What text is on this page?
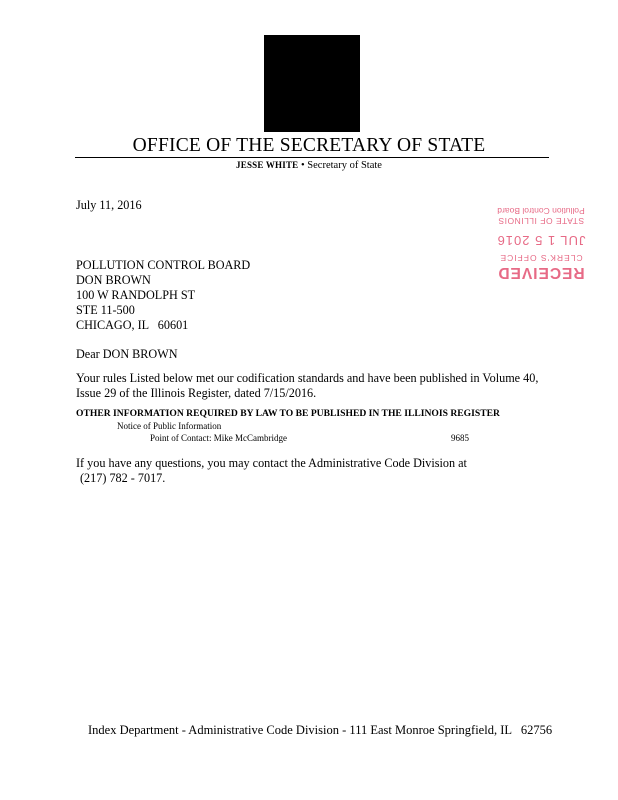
OFFICE OF THE SECRETARY OF STATE
JESSE WHITE • Secretary of State
RECEIVED
CLERK'S OFFICE
JUL 1 5 2016
STATE OF ILLINOIS
Pollution Control Board
July 11, 2016
POLLUTION CONTROL BOARD
DON BROWN
100 W RANDOLPH ST
STE 11-500
CHICAGO, IL   60601
Dear DON BROWN
Your rules Listed below met our codification standards and have been published in Volume 40, Issue 29 of the Illinois Register, dated 7/15/2016.
OTHER INFORMATION REQUIRED BY LAW TO BE PUBLISHED IN THE ILLINOIS REGISTER
Notice of Public Information
Point of Contact: Mike McCambridge	9685
If you have any questions, you may contact the Administrative Code Division at
(217) 782 - 7017.
Index Department - Administrative Code Division - 111 East Monroe Springfield, IL   62756
